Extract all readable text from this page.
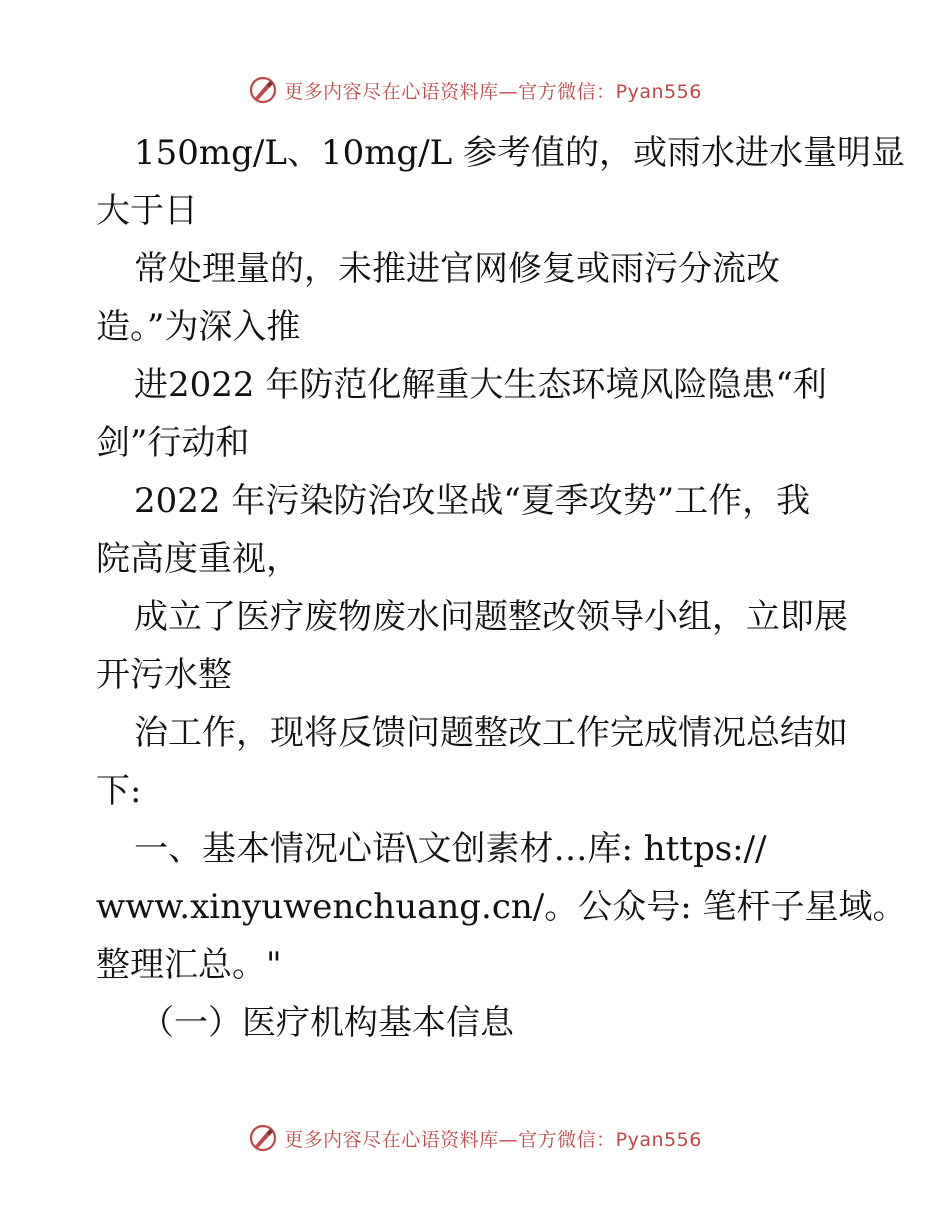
更多内容尽在心语资料库—官方微信：Pyan556
150mg/L、10mg/L 参考值的，或雨水进水量明显
大于日
常处理量的，未推进官网修复或雨污分流改
造。”为深入推
进2022 年防范化解重大生态环境风险隐患“利
剑”行动和
2022 年污染防治攻坚战“夏季攻势”工作，我
院高度重视，
成立了医疗废物废水问题整改领导小组，立即展
开污水整
治工作，现将反馈问题整改工作完成情况总结如
下:
一、基本情况心语\文创素材…库: https://
www.xinyuwenchuang.cn/。公众号: 笔杆子星域。
整理汇总。"
（一）医疗机构基本信息
更多内容尽在心语资料库—官方微信：Pyan556
